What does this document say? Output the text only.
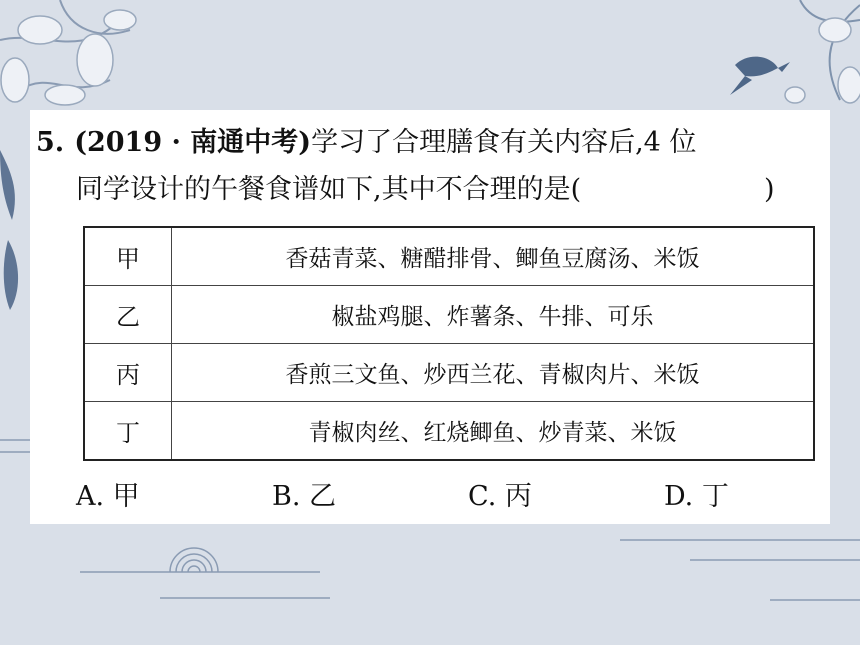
5. (2019 · 南通中考)学习了合理膳食有关内容后,4 位
同学设计的午餐食谱如下,其中不合理的是(	)
甲	香菇青菜、糖醋排骨、鲫鱼豆腐汤、米饭
乙	椒盐鸡腿、炸薯条、牛排、可乐
丙	香煎三文鱼、炒西兰花、青椒肉片、米饭
丁	青椒肉丝、红烧鲫鱼、炒青菜、米饭
A. 甲	B. 乙	C. 丙	D. 丁
